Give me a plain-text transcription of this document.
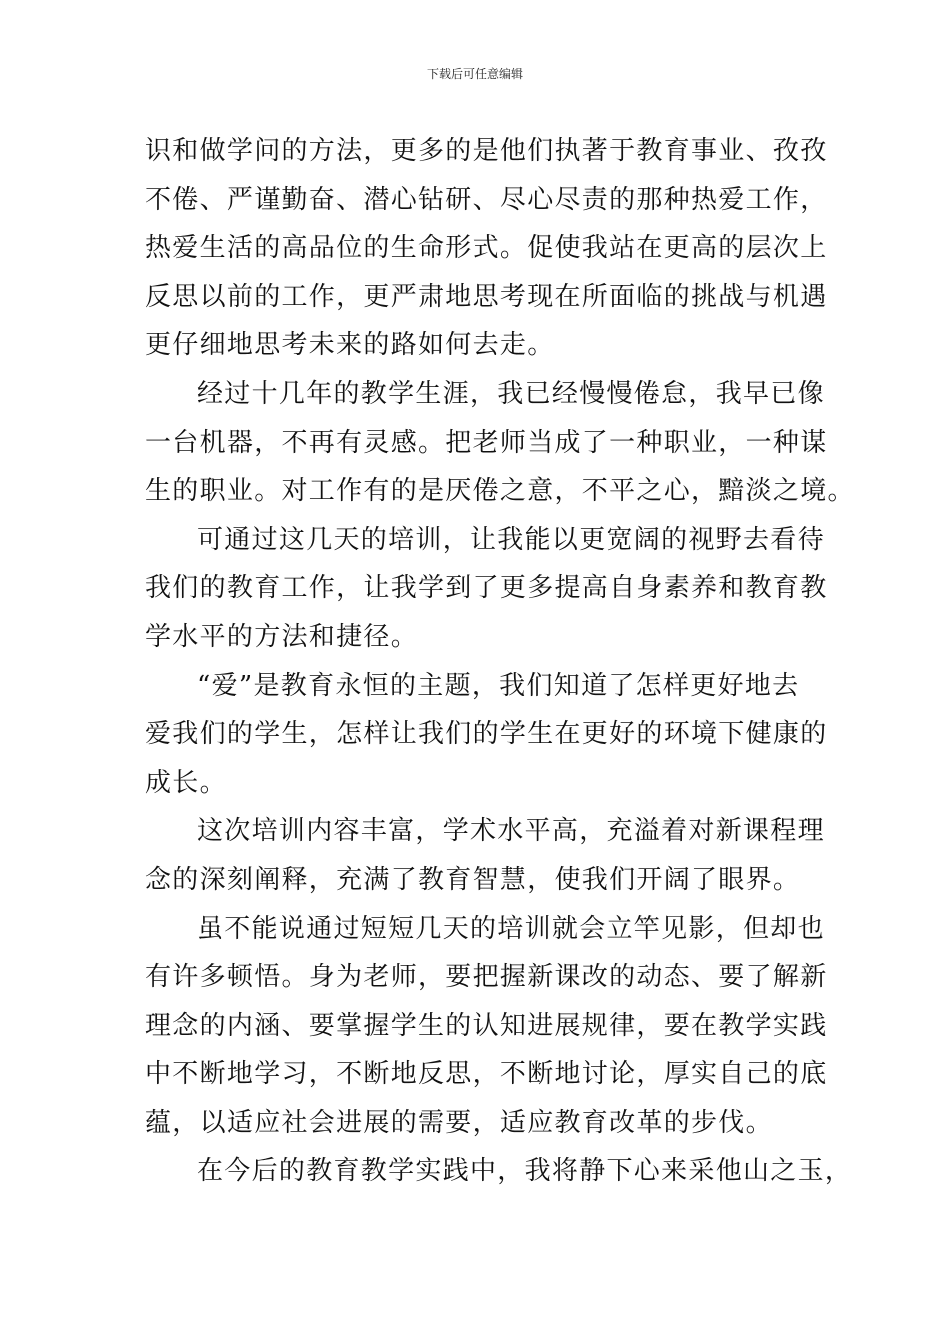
下载后可任意编辑
识和做学问的方法，更多的是他们执著于教育事业、孜孜
不倦、严谨勤奋、潜心钻研、尽心尽责的那种热爱工作，
热爱生活的高品位的生命形式。促使我站在更高的层次上
反思以前的工作，更严肃地思考现在所面临的挑战与机遇
更仔细地思考未来的路如何去走。
经过十几年的教学生涯，我已经慢慢倦怠，我早已像
一台机器，不再有灵感。把老师当成了一种职业，一种谋
生的职业。对工作有的是厌倦之意，不平之心，黯淡之境。
可通过这几天的培训，让我能以更宽阔的视野去看待
我们的教育工作，让我学到了更多提高自身素养和教育教
学水平的方法和捷径。
“爱”是教育永恒的主题，我们知道了怎样更好地去
爱我们的学生，怎样让我们的学生在更好的环境下健康的
成长。
这次培训内容丰富，学术水平高，充溢着对新课程理
念的深刻阐释，充满了教育智慧，使我们开阔了眼界。
虽不能说通过短短几天的培训就会立竿见影，但却也
有许多顿悟。身为老师，要把握新课改的动态、要了解新
理念的内涵、要掌握学生的认知进展规律，要在教学实践
中不断地学习，不断地反思，不断地讨论，厚实自己的底
蕴，以适应社会进展的需要，适应教育改革的步伐。
在今后的教育教学实践中，我将静下心来采他山之玉，
